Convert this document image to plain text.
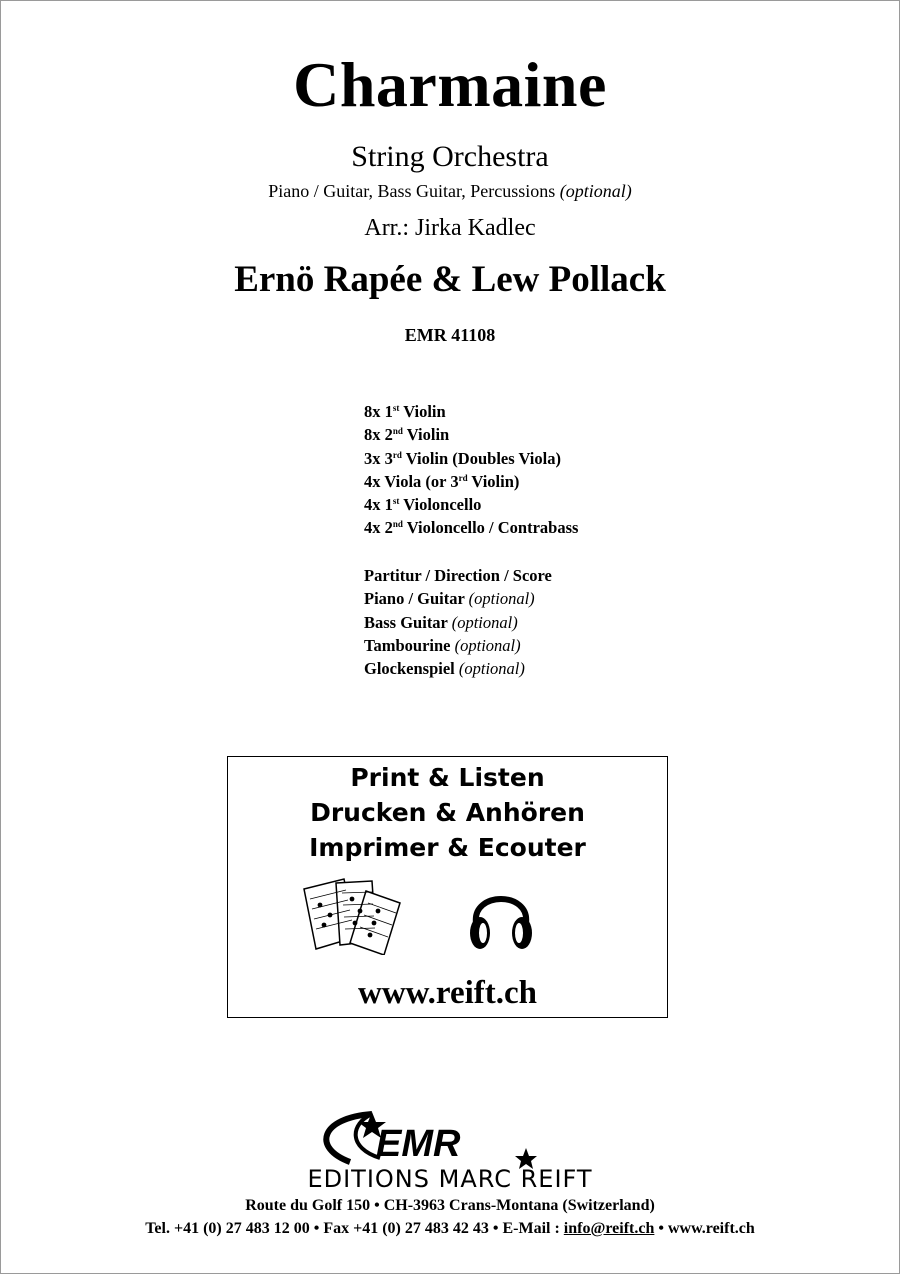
Charmaine
String Orchestra
Piano / Guitar, Bass Guitar, Percussions (optional)
Arr.: Jirka Kadlec
Ernö Rapée & Lew Pollack
EMR 41108
8x 1st Violin
8x 2nd Violin
3x 3rd Violin (Doubles Viola)
4x Viola (or 3rd Violin)
4x 1st Violoncello
4x 2nd Violoncello / Contrabass
Partitur / Direction / Score
Piano / Guitar (optional)
Bass Guitar (optional)
Tambourine (optional)
Glockenspiel (optional)
Print & Listen
Drucken & Anhören
Imprimer & Ecouter
www.reift.ch
EMR
EDITIONS MARC REIFT
Route du Golf 150 • CH-3963 Crans-Montana (Switzerland)
Tel. +41 (0) 27 483 12 00 • Fax +41 (0) 27 483 42 43 • E-Mail : info@reift.ch • www.reift.ch
